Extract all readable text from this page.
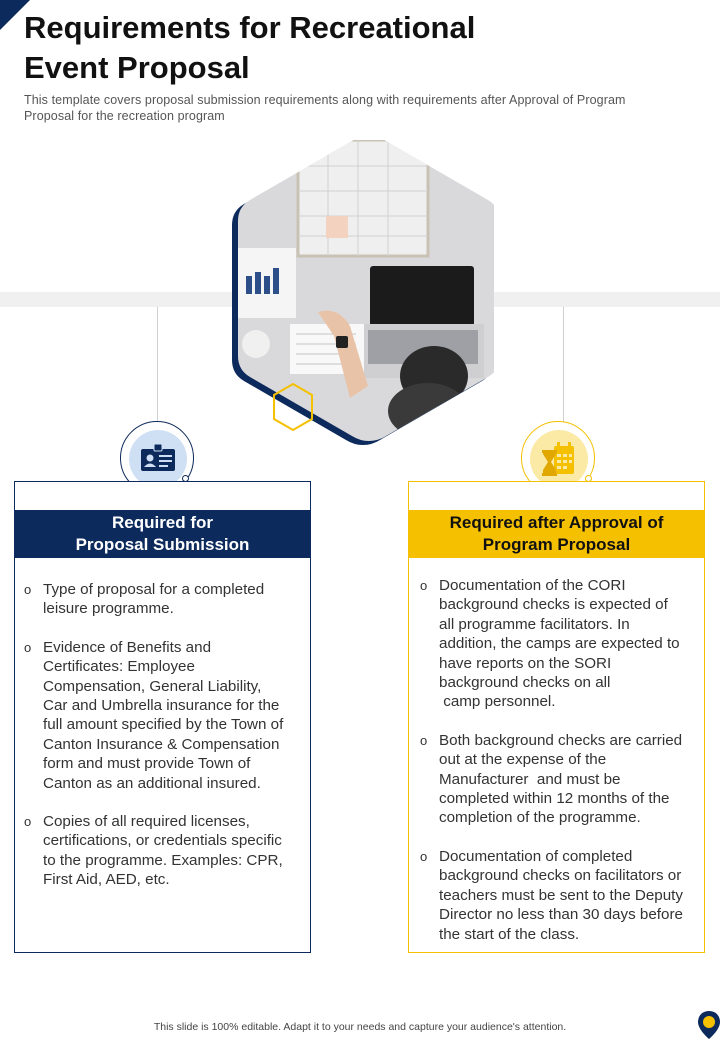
Requirements for Recreational
Event Proposal
This template covers proposal submission requirements along with requirements after Approval of Program
Proposal for the recreation program
Required for
Proposal Submission
o Type of proposal for a completed
leisure programme.
o Evidence of Benefits and
Certificates: Employee
Compensation, General Liability,
Car and Umbrella insurance for the
full amount specified by the Town of
Canton Insurance & Compensation
form and must provide Town of
Canton as an additional insured.
o Copies of all required licenses,
certifications, or credentials specific
to the programme. Examples: CPR,
First Aid, AED, etc.
Required after Approval of
Program Proposal
o Documentation of the CORI
background checks is expected of
all programme facilitators. In
addition, the camps are expected to
have reports on the SORI
background checks on all
camp personnel.
o Both background checks are carried
out at the expense of the
Manufacturer  and must be
completed within 12 months of the
completion of the programme.
o Documentation of completed
background checks on facilitators or
teachers must be sent to the Deputy
Director no less than 30 days before
the start of the class.
This slide is 100% editable. Adapt it to your needs and capture your audience's attention.
